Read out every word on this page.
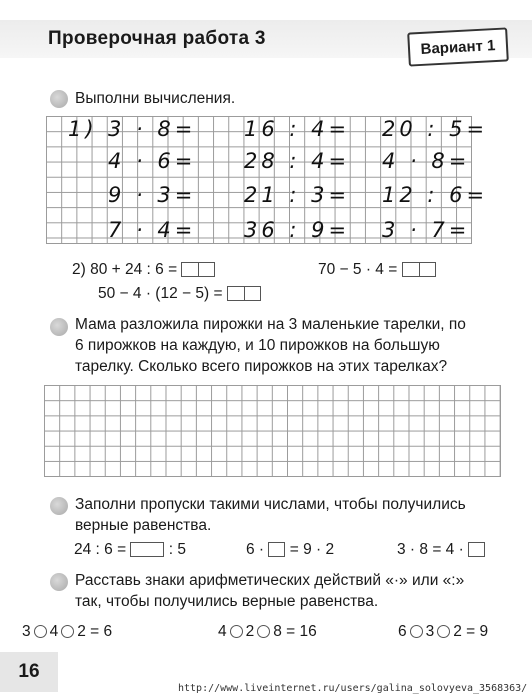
Проверочная работа 3	Вариант 1
Выполни вычисления.
1) 3 · 8=
4 · 6=
9 · 3=
7 · 4=
16 : 4=
28 : 4=
21 : 3=
36 : 9=
20 : 5=
4 · 8=
12 : 6=
3 · 7=
2) 80 + 24 : 6 =	70 − 5 · 4 =
50 − 4 · (12 − 5) =
Мама разложила пирожки на 3 маленькие тарелки, по
6 пирожков на каждую, и 10 пирожков на большую
тарелку. Сколько всего пирожков на этих тарелках?
Заполни пропуски такими числами, чтобы получились
верные равенства.
24 : 6 =	: 5	6 · = 9 · 2	3 · 8 = 4 ·
Расставь знаки арифметических действий «·» или «:»
так, чтобы получились верные равенства.
3 4 2 = 6	4 2 8 = 16	6 3 2 = 9
16
http://www.liveinternet.ru/users/galina_solovyeva_3568363/
